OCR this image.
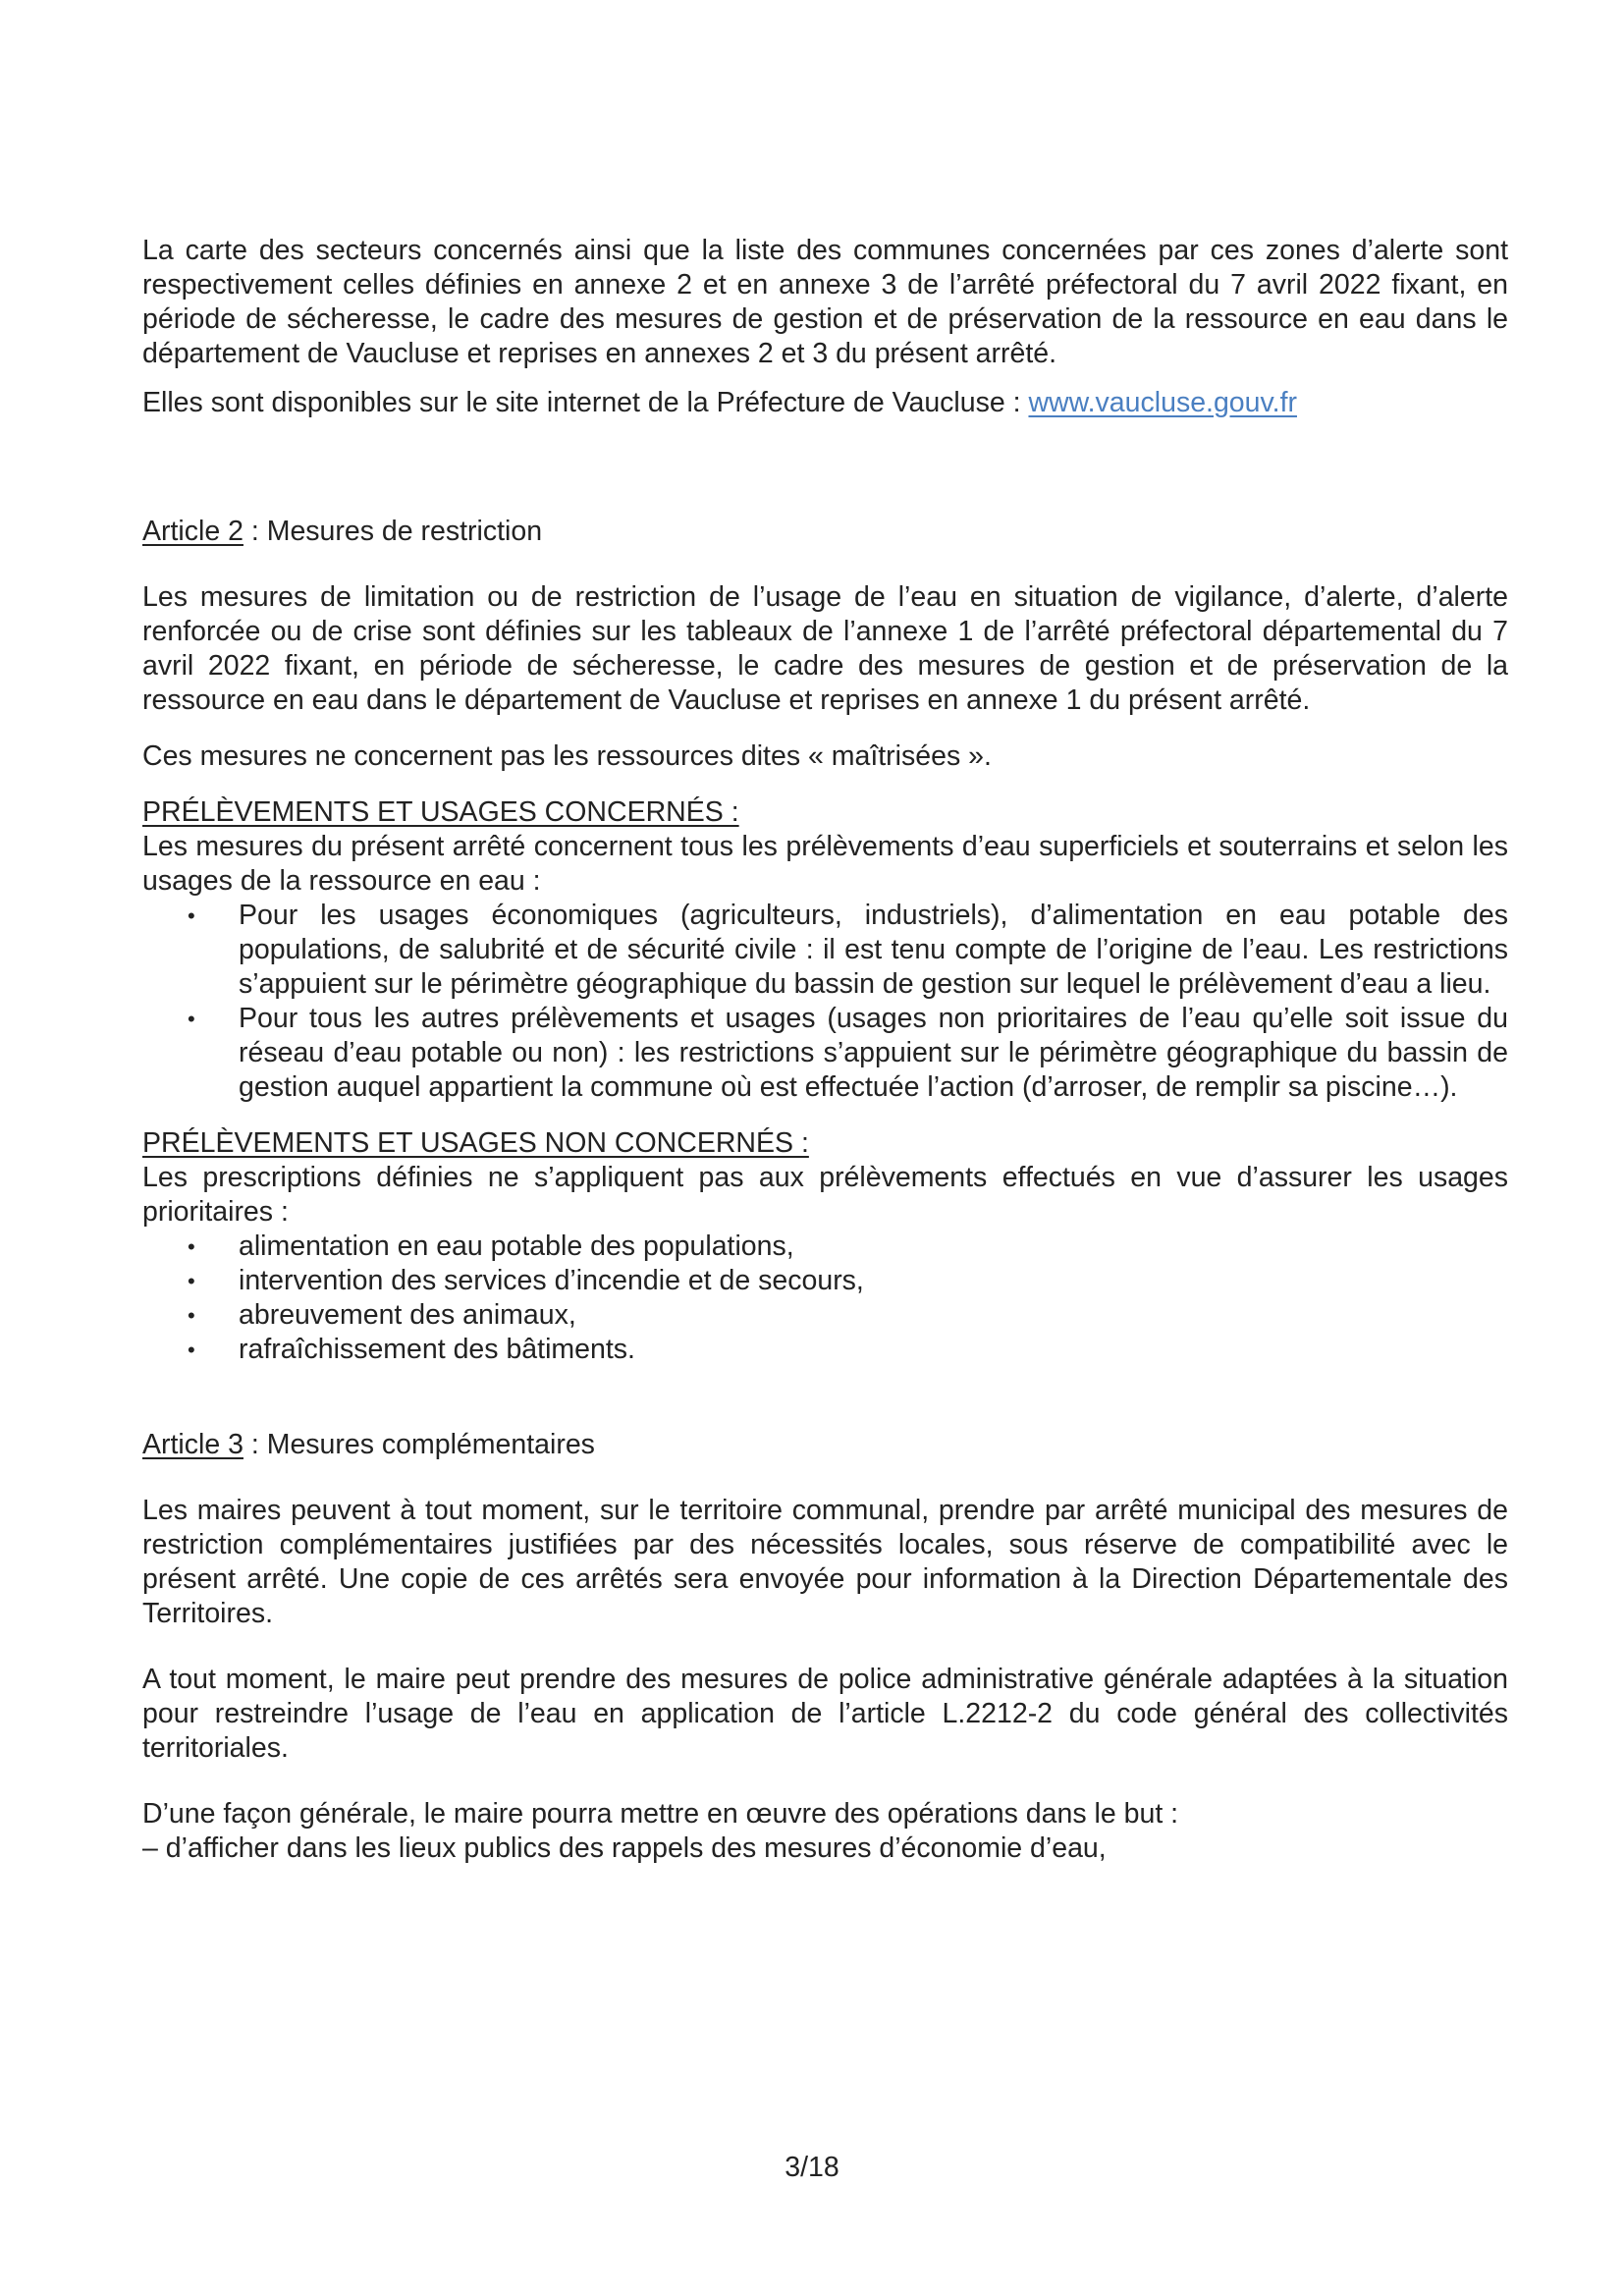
La carte des secteurs concernés ainsi que la liste des communes concernées par ces zones d’alerte sont respectivement celles définies en annexe 2 et en annexe 3 de l’arrêté préfectoral du 7 avril 2022 fixant, en période de sécheresse, le cadre des mesures de gestion et de préservation de la ressource en eau dans le département de Vaucluse et reprises en annexes 2 et 3 du présent arrêté.

Elles sont disponibles sur le site internet de la Préfecture de Vaucluse : www.vaucluse.gouv.fr

Article 2 : Mesures de restriction

Les mesures de limitation ou de restriction de l’usage de l’eau en situation de vigilance, d’alerte, d’alerte renforcée ou de crise sont définies sur les tableaux de l’annexe 1 de l’arrêté préfectoral départemental du 7 avril 2022 fixant, en période de sécheresse, le cadre des mesures de gestion et de préservation de la ressource en eau dans le département de Vaucluse et reprises en annexe 1 du présent arrêté.

Ces mesures ne concernent pas les ressources dites « maîtrisées ».

PRÉLÈVEMENTS ET USAGES CONCERNÉS :

Les mesures du présent arrêté concernent tous les prélèvements d’eau superficiels et souterrains et selon les usages de la ressource en eau :

• Pour les usages économiques (agriculteurs, industriels), d’alimentation en eau potable des populations, de salubrité et de sécurité civile : il est tenu compte de l’origine de l’eau. Les restrictions s’appuient sur le périmètre géographique du bassin de gestion sur lequel le prélèvement d’eau a lieu.
• Pour tous les autres prélèvements et usages (usages non prioritaires de l’eau qu’elle soit issue du réseau d’eau potable ou non) : les restrictions s’appuient sur le périmètre géographique du bassin de gestion auquel appartient la commune où est effectuée l’action (d’arroser, de remplir sa piscine…).

PRÉLÈVEMENTS ET USAGES NON CONCERNÉS :

Les prescriptions définies ne s’appliquent pas aux prélèvements effectués en vue d’assurer les usages prioritaires :

• alimentation en eau potable des populations,
• intervention des services d’incendie et de secours,
• abreuvement des animaux,
• rafraîchissement des bâtiments.

Article 3 : Mesures complémentaires

Les maires peuvent à tout moment, sur le territoire communal, prendre par arrêté municipal des mesures de restriction complémentaires justifiées par des nécessités locales, sous réserve de compatibilité avec le présent arrêté. Une copie de ces arrêtés sera envoyée pour information à la Direction Départementale des Territoires.

A tout moment, le maire peut prendre des mesures de police administrative générale adaptées à la situation pour restreindre l’usage de l’eau en application de l’article L.2212-2 du code général des collectivités territoriales.

D’une façon générale, le maire pourra mettre en œuvre des opérations dans le but :

– d’afficher dans les lieux publics des rappels des mesures d’économie d’eau,

3/18
